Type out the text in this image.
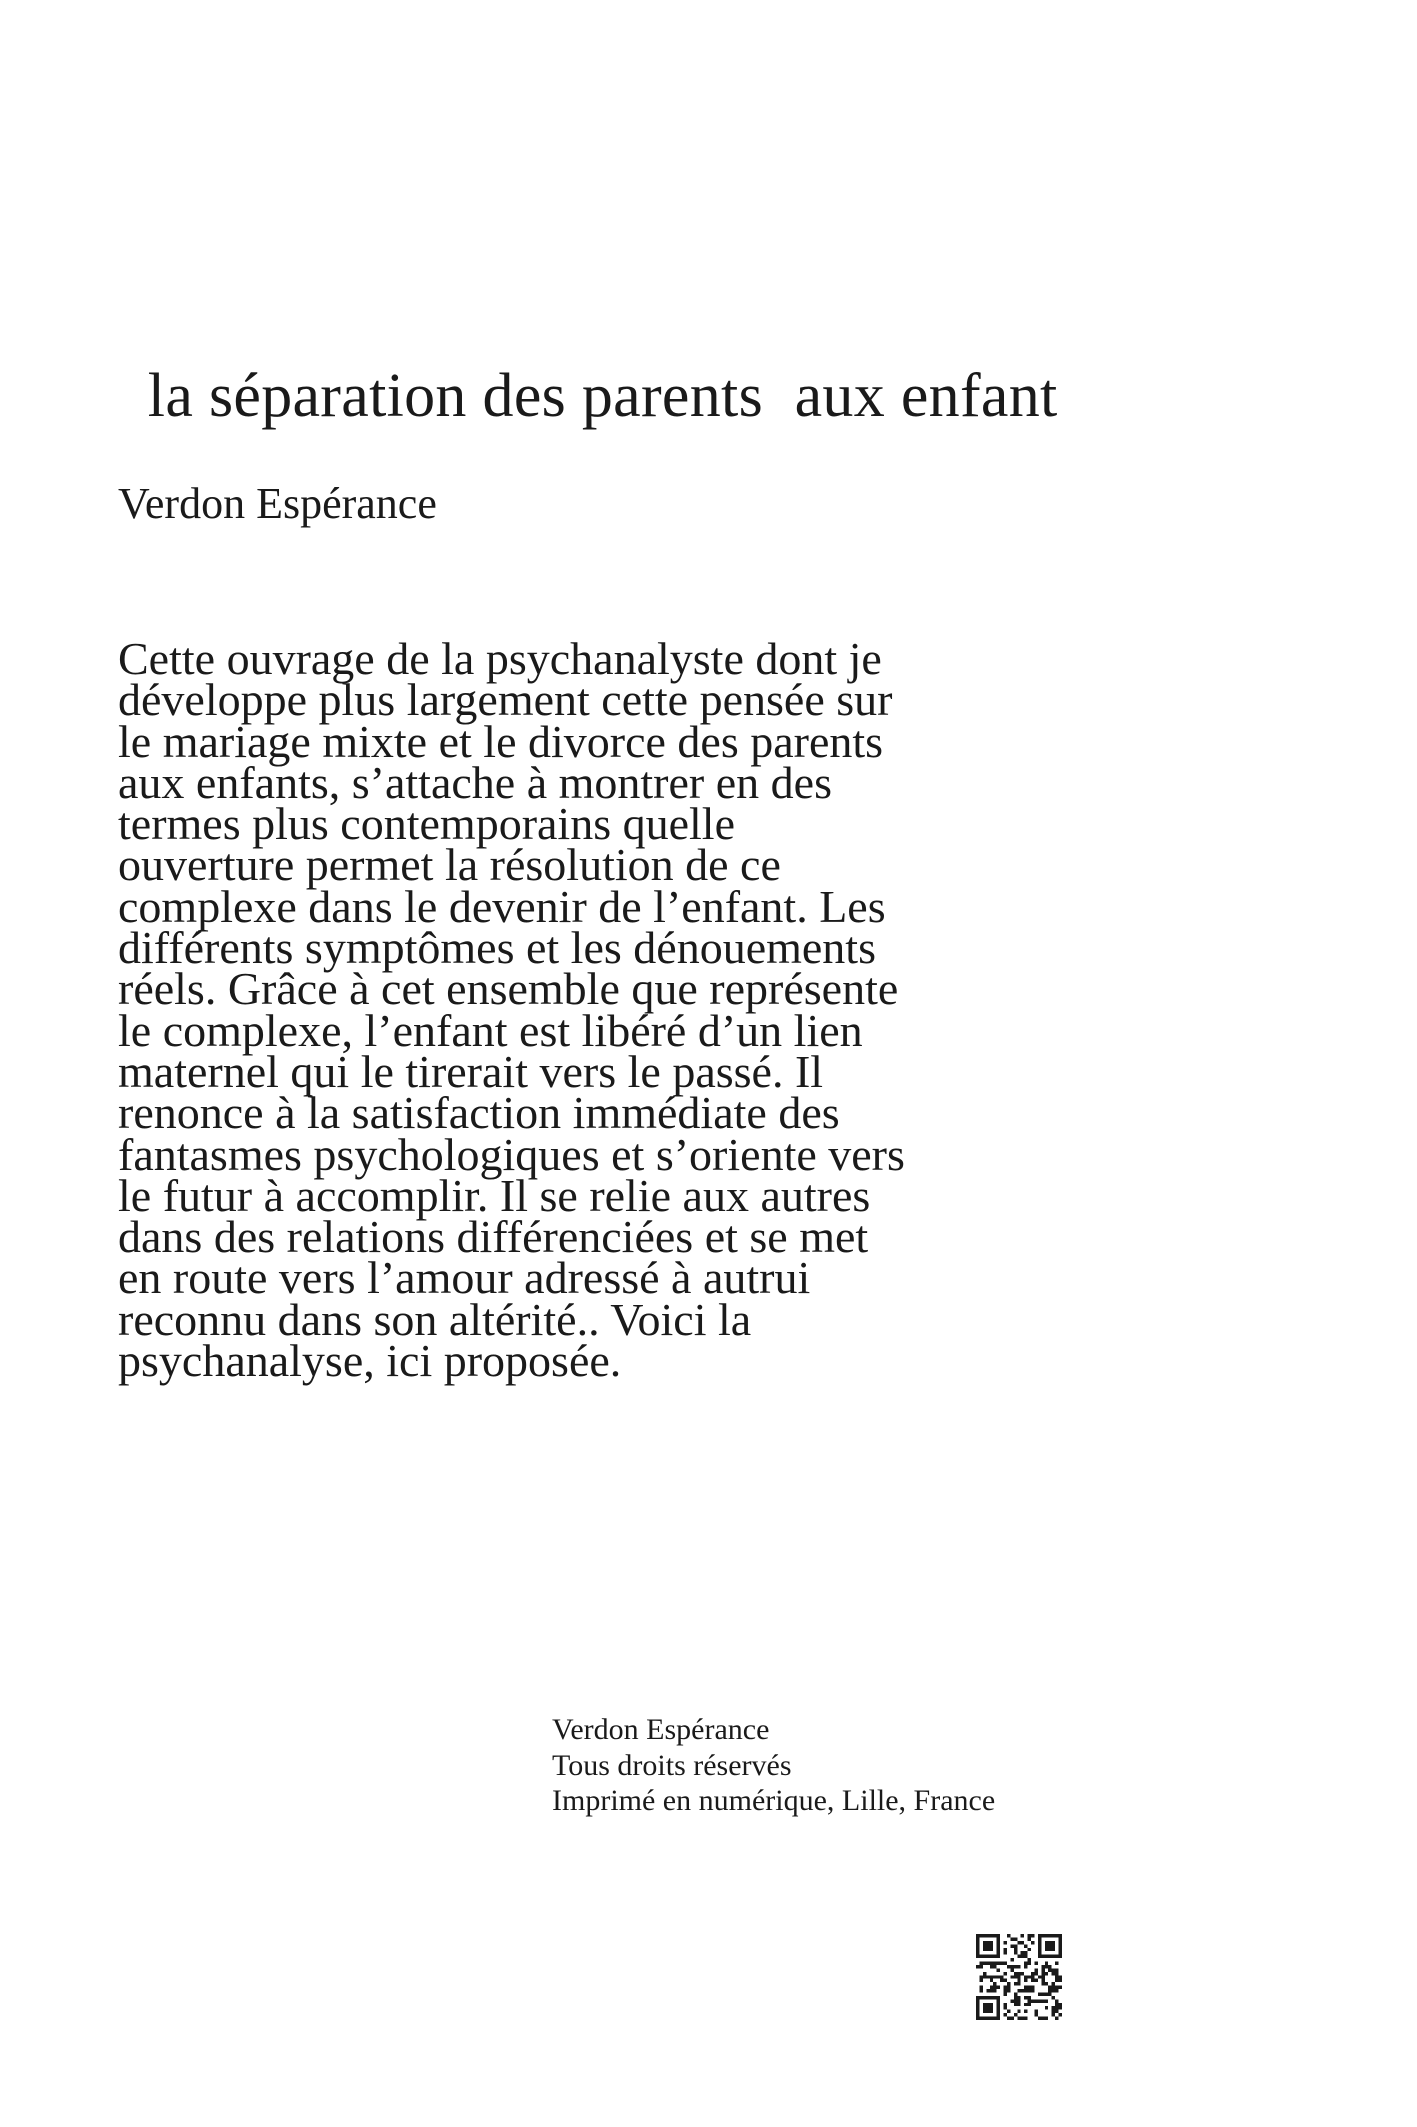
la séparation des parents  aux enfant
Verdon Espérance
Cette ouvrage de la psychanalyste dont je
développe plus largement cette pensée sur
le mariage mixte et le divorce des parents
aux enfants, s’attache à montrer en des
termes plus contemporains quelle
ouverture permet la résolution de ce
complexe dans le devenir de l’enfant. Les
différents symptômes et les dénouements
réels. Grâce à cet ensemble que représente
le complexe, l’enfant est libéré d’un lien
maternel qui le tirerait vers le passé. Il
renonce à la satisfaction immédiate des
fantasmes psychologiques et s’oriente vers
le futur à accomplir. Il se relie aux autres
dans des relations différenciées et se met
en route vers l’amour adressé à autrui
reconnu dans son altérité.. Voici la
psychanalyse, ici proposée.
Verdon Espérance
Tous droits réservés
Imprimé en numérique, Lille, France
